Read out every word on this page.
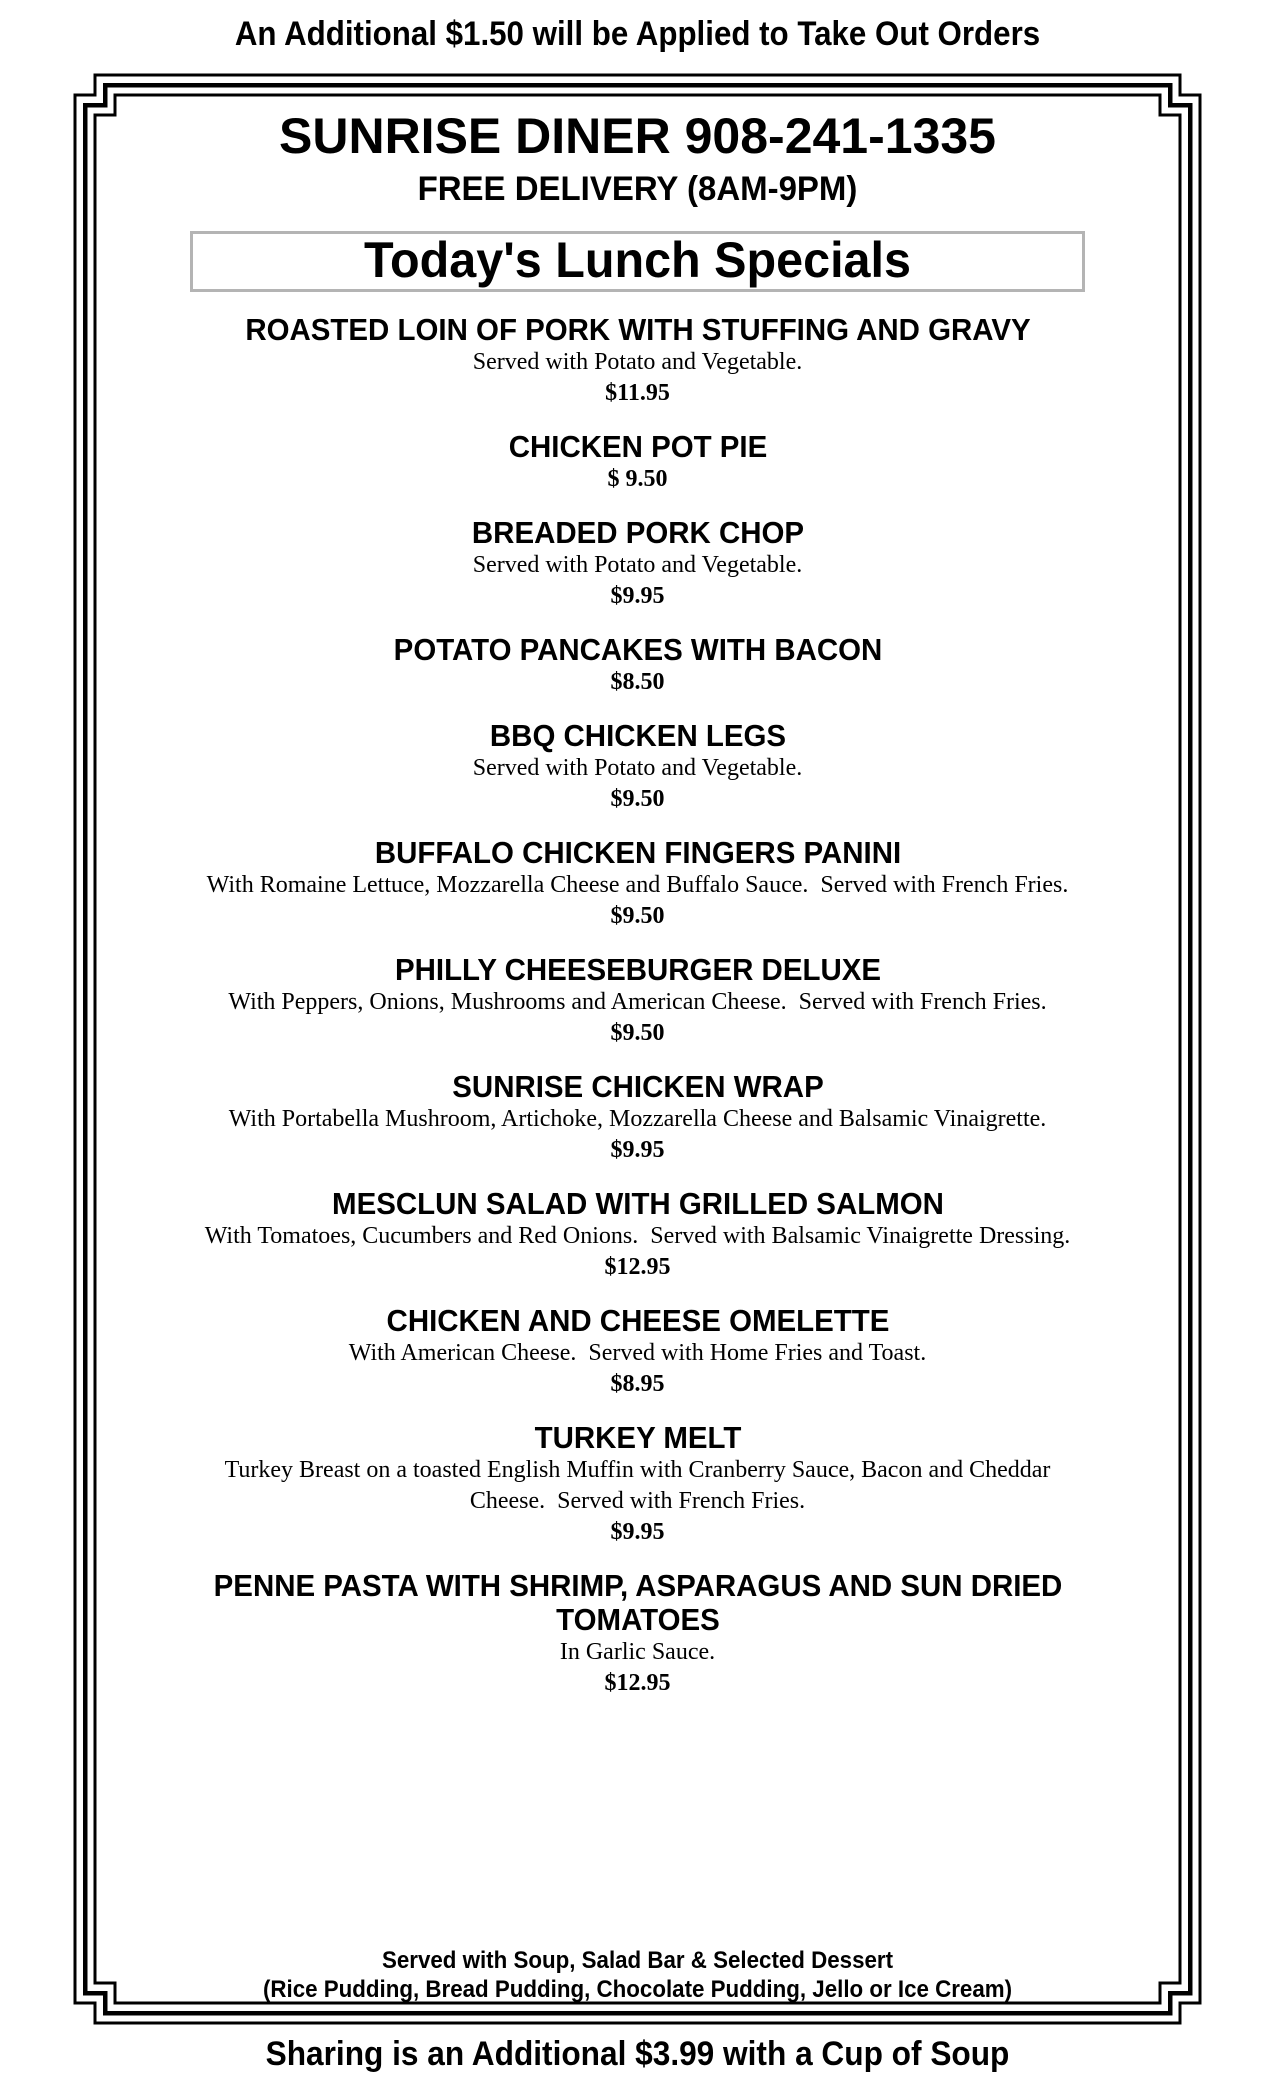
An Additional $1.50 will be Applied to Take Out Orders
SUNRISE DINER 908-241-1335
FREE DELIVERY (8AM-9PM)
Today's Lunch Specials
ROASTED LOIN OF PORK WITH STUFFING AND GRAVY
Served with Potato and Vegetable.
$11.95
CHICKEN POT PIE
$ 9.50
BREADED PORK CHOP
Served with Potato and Vegetable.
$9.95
POTATO PANCAKES WITH BACON
$8.50
BBQ CHICKEN LEGS
Served with Potato and Vegetable.
$9.50
BUFFALO CHICKEN FINGERS PANINI
With Romaine Lettuce, Mozzarella Cheese and Buffalo Sauce.  Served with French Fries.
$9.50
PHILLY CHEESEBURGER DELUXE
With Peppers, Onions, Mushrooms and American Cheese.  Served with French Fries.
$9.50
SUNRISE CHICKEN WRAP
With Portabella Mushroom, Artichoke, Mozzarella Cheese and Balsamic Vinaigrette.
$9.95
MESCLUN SALAD WITH GRILLED SALMON
With Tomatoes, Cucumbers and Red Onions.  Served with Balsamic Vinaigrette Dressing.
$12.95
CHICKEN AND CHEESE OMELETTE
With American Cheese.  Served with Home Fries and Toast.
$8.95
TURKEY MELT
Turkey Breast on a toasted English Muffin with Cranberry Sauce, Bacon and Cheddar Cheese.  Served with French Fries.
$9.95
PENNE PASTA WITH SHRIMP, ASPARAGUS AND SUN DRIED TOMATOES
In Garlic Sauce.
$12.95
Served with Soup, Salad Bar & Selected Dessert
(Rice Pudding, Bread Pudding, Chocolate Pudding, Jello or Ice Cream)
Sharing is an Additional $3.99 with a Cup of Soup
